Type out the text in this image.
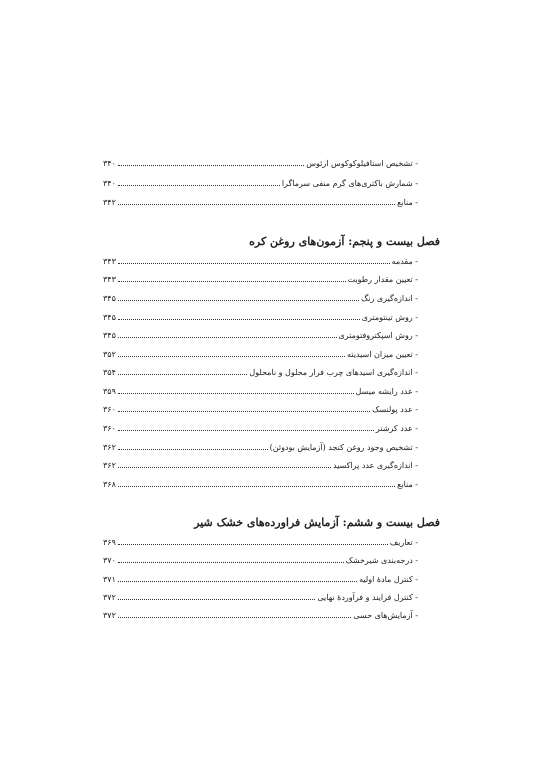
- تشخیص استافیلوکوکوس ارئوس
۳۴۰
- شمارش باکتری‌های گرم منفی سرماگرا
۳۴۰
- منابع
۳۴۲
فصل بیست و پنجم: آزمون‌های روغن کره
- مقدمه
۳۴۳
- تعیین مقدار رطوبت
۳۴۳
- اندازه‌گیری رنگ
۳۴۵
- روش تینتومتری
۳۴۵
- روش اسپکتروفتومتری
۳۴۵
- تعیین میزان اسیدیته
۳۵۲
- اندازه‌گیری اسیدهای چرب فرار محلول و نامحلول
۳۵۴
- عدد رایشه میسل
۳۵۹
- عدد پولنسک
۳۶۰
- عدد کرشنر
۳۶۰
- تشخیص وجود روغن کنجد (آزمایش بودوئن)
۳۶۲
- اندازه‌گیری عدد پراکسید
۳۶۲
- منابع
۳۶۸
فصل بیست و ششم: آزمایش فراورده‌های خشک شیر
- تعاریف
۳۶۹
- درجه‌بندی شیرخشک
۳۷۰
- کنترل مادهٔ اولیه
۳۷۱
- کنترل فرایند و فرآوردهٔ نهایی
۳۷۲
- آزمایش‌های حسی
۳۷۲
